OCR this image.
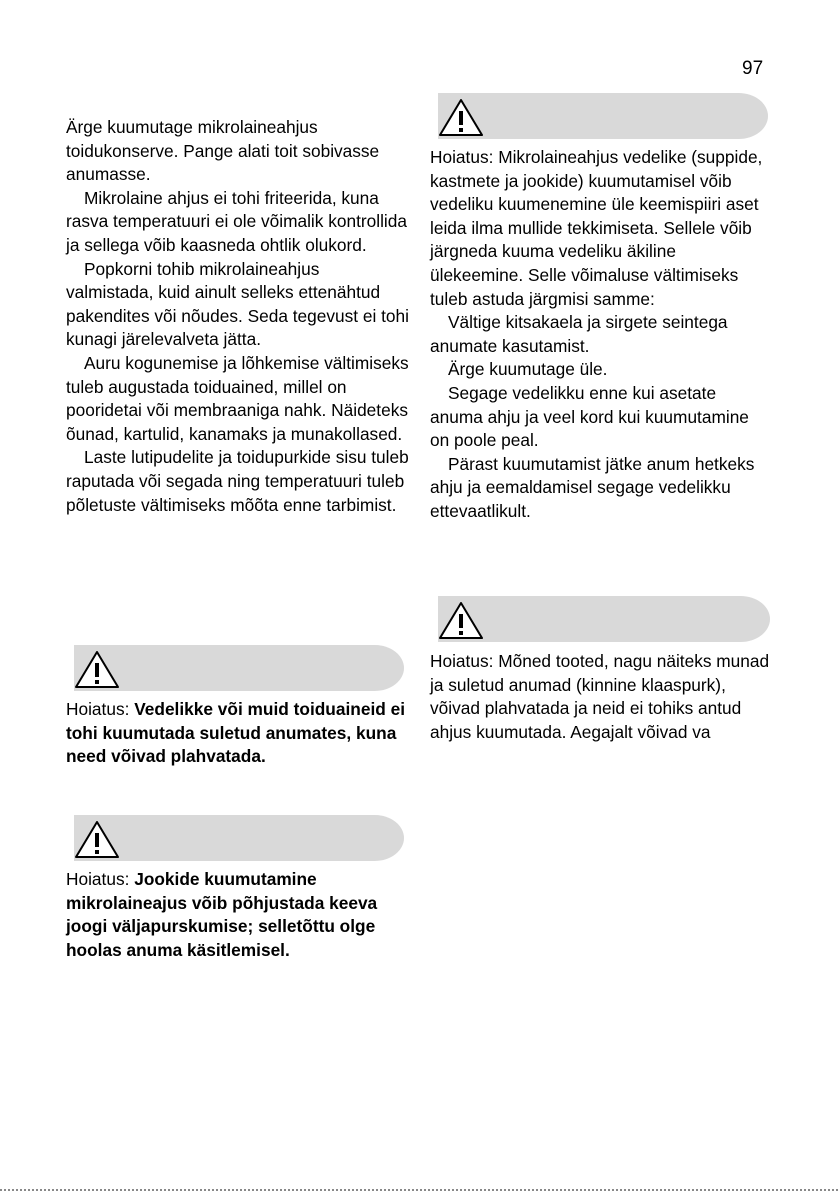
97

Ärge kuumutage mikrolaineahjus toidukonserve. Pange alati toit sobivasse anumasse.

Mikrolaine ahjus ei tohi friteerida, kuna rasva temperatuuri ei ole võimalik kontrollida ja sellega võib kaasneda ohtlik olukord.

Popkorni tohib mikrolaineahjus valmistada, kuid ainult selleks ettenähtud pakendites või nõudes. Seda tegevust ei tohi kunagi järelevalveta jätta.

Auru kogunemise ja lõhkemise vältimiseks tuleb augustada toiduained, millel on pooridetai või membraaniga nahk. Näideteks õunad, kartulid, kanamaks ja munakollased.

Laste lutipudelite ja toidupurkide sisu tuleb raputada või segada ning temperatuuri tuleb põletuste vältimiseks mõõta enne tarbimist.

Hoiatus: Vedelikke või muid toiduaineid ei tohi kuumutada suletud anumates, kuna need võivad plahvatada.
Hoiatus: Jookide kuumutamine mikrolaineajus võib põhjustada keeva joogi väljapurskumise; selletõttu olge hoolas anuma käsitlemisel.

Hoiatus: Mikrolaineahjus vedelike (suppide, kastmete ja jookide) kuumutamisel võib vedeliku kuumenemine üle keemispiiri aset leida ilma mullide tekkimiseta. Sellele võib järgneda kuuma vedeliku äkiline ülekeemine. Selle võimaluse vältimiseks tuleb astuda järgmisi samme:

Vältige kitsakaela ja sirgete seintega anumate kasutamist.

Ärge kuumutage üle.

Segage vedelikku enne kui asetate anuma ahju ja veel kord kui kuumutamine on poole peal.

Pärast kuumutamist jätke anum hetkeks ahju ja eemaldamisel segage vedelikku ettevaatlikult.

Hoiatus: Mõned tooted, nagu näiteks munad ja suletud anumad (kinnine klaaspurk), võivad plahvatada ja neid ei tohiks antud ahjus kuumutada. Aegajalt võivad va
